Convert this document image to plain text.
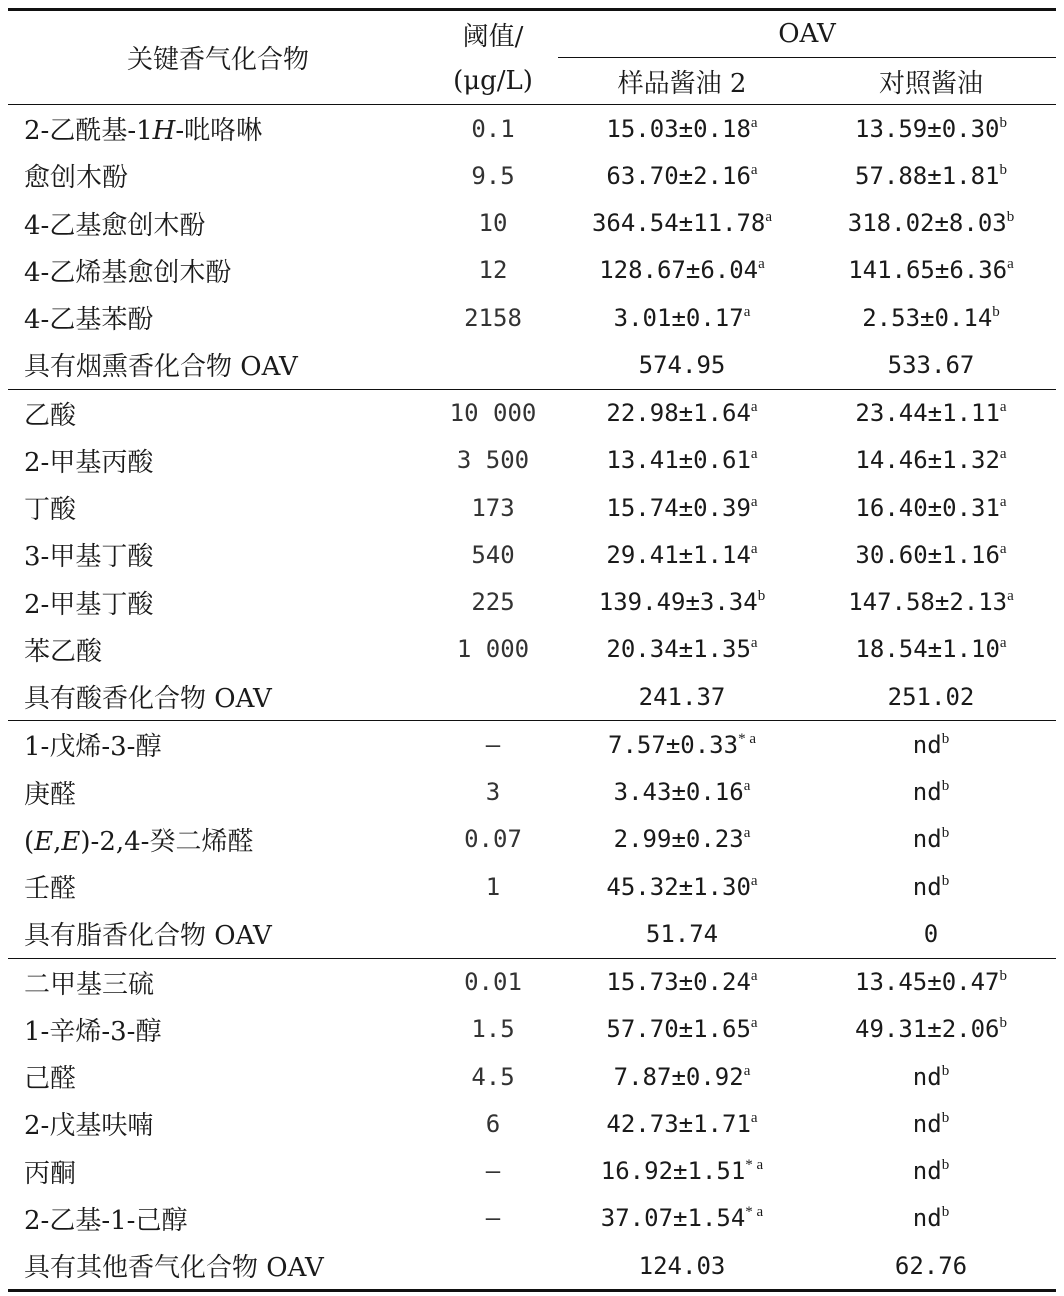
关键香气化合物	阈值/	OAV	
	(μg/L)	样品酱油 2	对照酱油
2-乙酰基-1H-吡咯啉	0.1	15.03±0.18$^a$	13.59±0.30$^b$
愈创木酚	9.5	63.70±2.16$^a$	57.88±1.81$^b$
4-乙基愈创木酚	10	364.54±11.78$^a$	318.02±8.03$^b$
4-乙烯基愈创木酚	12	128.67±6.04$^a$	141.65±6.36$^a$
4-乙基苯酚	2158	3.01±0.17$^a$	2.53±0.14$^b$
具有烟熏香化合物 OAV		574.95	533.67
乙酸	10 000	22.98±1.64$^a$	23.44±1.11$^a$
2-甲基丙酸	3 500	13.41±0.61$^a$	14.46±1.32$^a$
丁酸	173	15.74±0.39$^a$	16.40±0.31$^a$
3-甲基丁酸	540	29.41±1.14$^a$	30.60±1.16$^a$
2-甲基丁酸	225	139.49±3.34$^b$	147.58±2.13$^a$
苯乙酸	1 000	20.34±1.35$^a$	18.54±1.10$^a$
具有酸香化合物 OAV		241.37	251.02
1-戊烯-3-醇	—	$7.57\pm 0.33^{* a}$	$nd^b$
庚醛	3	3.43±0.16$^a$	$nd^b$
(E,E)-2,4-癸二烯醛	0.07	2.99±0.23$^a$	$nd^b$
壬醛	1	45.32±1.30$^a$	$nd^b$
具有脂香化合物 OAV		51.74	0
二甲基三硫	0.01	15.73±0.24$^a$	13.45±0.47$^b$
1-辛烯-3-醇	1.5	57.70±1.65$^a$	49.31±2.06$^b$
己醛	4.5	7.87±0.92$^a$	$nd^b$
2-戊基呋喃	6	42.73±1.71$^a$	$nd^b$
丙酮	—	$16.92\pm 1.51^{* a}$	$nd^b$
2-乙基-1-己醇	—	$37.07\pm 1.54^{* a}$	$nd^b$
具有其他香气化合物 OAV		124.03	62.76
